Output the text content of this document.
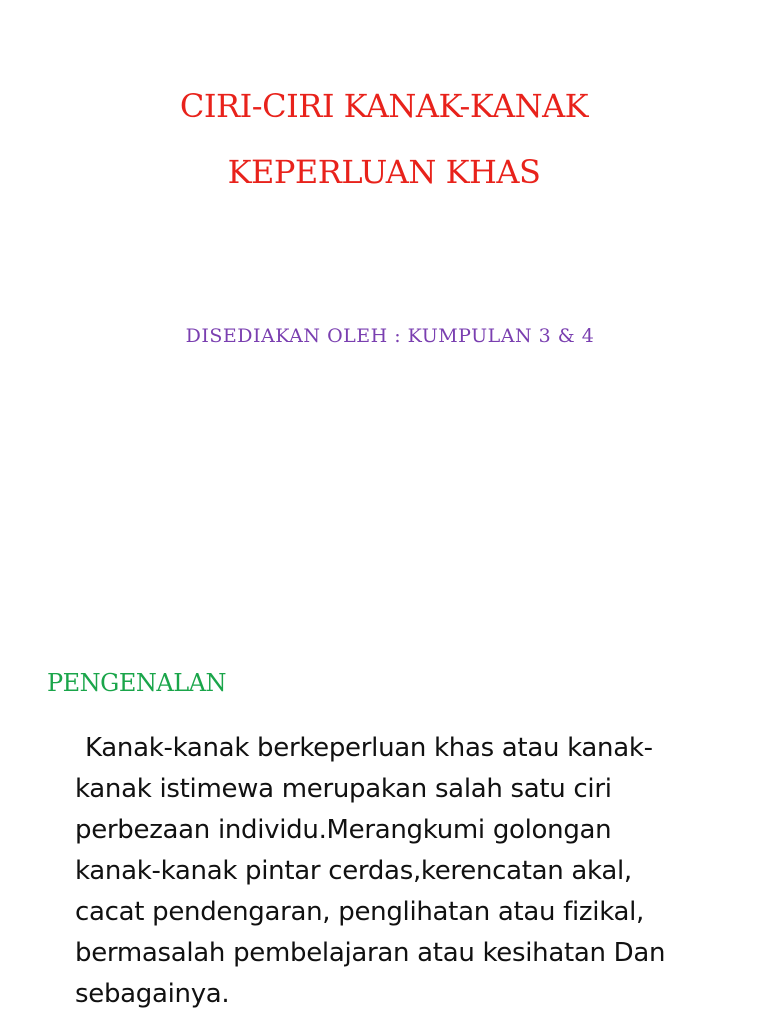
CIRI-CIRI KANAK-KANAK
KEPERLUAN KHAS
DISEDIAKAN OLEH : KUMPULAN 3 & 4
PENGENALAN
Kanak-kanak berkeperluan khas atau kanak-
kanak istimewa merupakan salah satu ciri
perbezaan individu.Merangkumi golongan
kanak-kanak pintar cerdas,kerencatan akal,
cacat pendengaran, penglihatan atau fizikal,
bermasalah pembelajaran atau kesihatan Dan
sebagainya.
